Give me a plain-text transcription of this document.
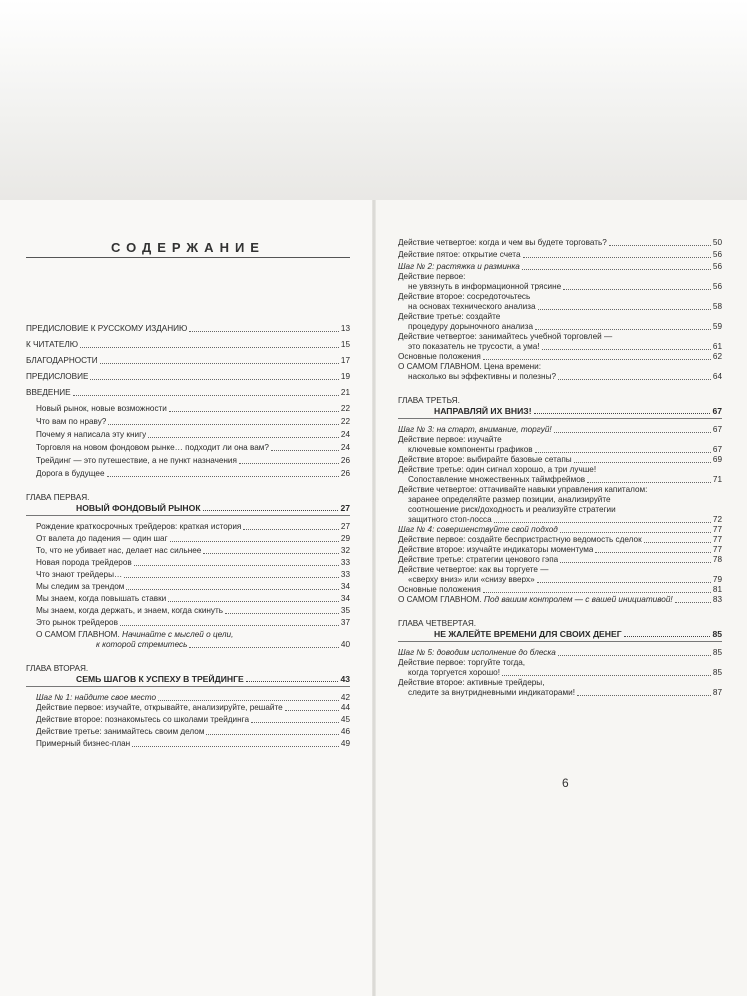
СОДЕРЖАНИЕ
ПРЕДИСЛОВИЕ К РУССКОМУ ИЗДАНИЮ	13
К ЧИТАТЕЛЮ	15
БЛАГОДАРНОСТИ	17
ПРЕДИСЛОВИЕ	19
ВВЕДЕНИЕ	21
Новый рынок, новые возможности	22
Что вам по нраву?	22
Почему я написала эту книгу	24
Торговля на новом фондовом рынке… подходит ли она вам?	24
Трейдинг — это путешествие, а не пункт назначения	26
Дорога в будущее	26
ГЛАВА ПЕРВАЯ.
НОВЫЙ ФОНДОВЫЙ РЫНОК	27
Рождение краткосрочных трейдеров: краткая история	27
От валета до падения — один шаг	29
То, что не убивает нас, делает нас сильнее	32
Новая порода трейдеров	33
Что знают трейдеры…	33
Мы следим за трендом	34
Мы знаем, когда повышать ставки	34
Мы знаем, когда держать, и знаем, когда скинуть	35
Это рынок трейдеров	37
О САМОМ ГЛАВНОМ. Начинайте с мыслей о цели,
к которой стремитесь	40
ГЛАВА ВТОРАЯ.
СЕМЬ ШАГОВ К УСПЕХУ В ТРЕЙДИНГЕ	43
Шаг № 1: найдите свое место	42
Действие первое: изучайте, открывайте, анализируйте, решайте	44
Действие второе: познакомьтесь со школами трейдинга	45
Действие третье: занимайтесь своим делом	46
Примерный бизнес-план	49
Действие четвертое: когда и чем вы будете торговать?	50
Действие пятое: открытие счета	56
Шаг № 2: растяжка и разминка	56
Действие первое:
не увязнуть в информационной трясине	56
Действие второе: сосредоточьтесь
на основах технического анализа	58
Действие третье: создайте
процедуру дорыночного анализа	59
Действие четвертое: занимайтесь учебной торговлей —
это показатель не трусости, а ума!	61
Основные положения	62
О САМОМ ГЛАВНОМ. Цена времени:
насколько вы эффективны и полезны?	64
ГЛАВА ТРЕТЬЯ.
НАПРАВЛЯЙ ИХ ВНИЗ!	67
Шаг № 3: на старт, внимание, торгуй!	67
Действие первое: изучайте
ключевые компоненты графиков	67
Действие второе: выбирайте базовые сетапы	69
Действие третье: один сигнал хорошо, а три лучше!
Сопоставление множественных таймфреймов	71
Действие четвертое: оттачивайте навыки управления капиталом:
заранее определяйте размер позиции, анализируйте
соотношение риск/доходность и реализуйте стратегии
защитного стоп-лосса	72
Шаг № 4: совершенствуйте свой подход	77
Действие первое: создайте беспристрастную ведомость сделок	77
Действие второе: изучайте индикаторы моментума	77
Действие третье: стратегии ценового гэпа	78
Действие четвертое: как вы торгуете —
«сверху вниз» или «снизу вверх»	79
Основные положения	81
О САМОМ ГЛАВНОМ. Под вашим контролем — с вашей инициативой!	83
ГЛАВА ЧЕТВЕРТАЯ.
НЕ ЖАЛЕЙТЕ ВРЕМЕНИ ДЛЯ СВОИХ ДЕНЕГ	85
Шаг № 5: доводим исполнение до блеска	85
Действие первое: торгуйте тогда,
когда торгуется хорошо!	85
Действие второе: активные трейдеры,
следите за внутридневными индикаторами!	87
6
